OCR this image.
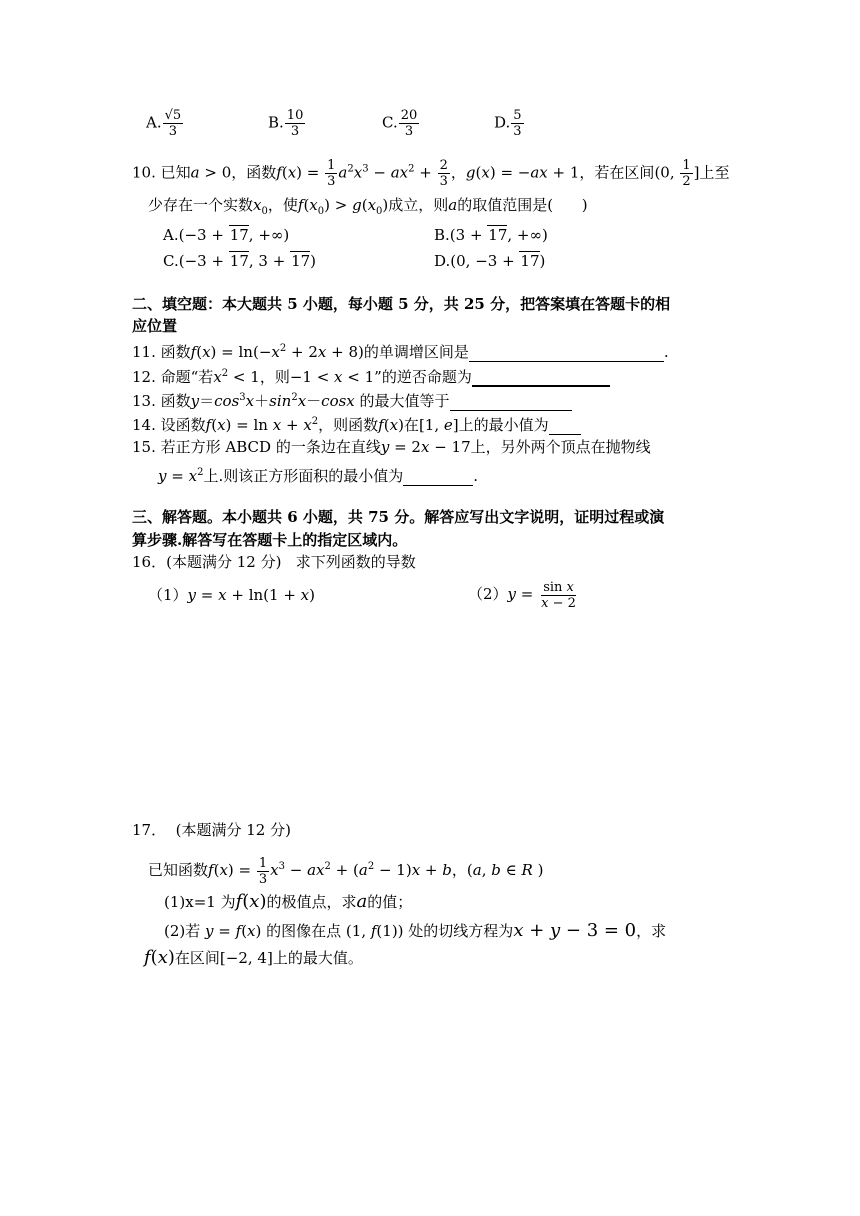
A. $\frac{√5}{3}$	B. $\frac{10}{3}$	C. $\frac{20}{3}$	D. $\frac{5}{3}$
10. 已知a > 0，函数$f(x) = \frac{1}{3} a^2x^3 - ax^2 + \frac{2}{3}$ ，g(x) = −ax + 1，若在区间(0, $\frac{1}{2}$ ]上至
少存在一个实数$x_0$，使$f(x_0) > g(x_0)$成立，则a的取值范围是( )
A.(−3 + 17, +∞)	B.(3 + 17, +∞)
C.(−3 + 17, 3 + 17)	D.(0, −3 + 17)
二、填空题：本大题共 5 小题，每小题 5 分，共 25 分，把答案填在答题卡的相
应位置
11. 函数$f(x) = \ln(-x^2 + 2x + 8)$的单调增区间是	.
12. 命题“若$x^2 < 1$，则−1 < x < 1”的逆否命题为
13. 函数$y=\cos^3x+\sin^2x-\cos x$ 的最大值等于
14. 设函数$f(x) = \ln x + x^2$，则函数f(x)在[1, e]上的最小值为
15. 若正方形 ABCD 的一条边在直线y = 2x − 17上，另外两个顶点在抛物线
$y = x^2$上.则该正方形面积的最小值为	.
三、解答题。本小题共 6 小题，共 75 分。解答应写出文字说明，证明过程或演
算步骤.解答写在答题卡上的指定区域内。
16．(本题满分 12 分) 求下列函数的导数
（1）y = x + ln(1 + x)	$(2)y = \frac{\text{sin x}}{x - 2}$
17． (本题满分 12 分)
已知函数$f(x) = \frac{1}{3} x^3 - ax^2 + (a^2 - 1)x + b$，(a, b ∈ R )
(1)x=1 为f(x)的极值点，求a的值；
(2)若 y = f(x) 的图像在点 (1, f(1)) 处的切线方程为x + y − 3 = 0，求
f(x)在区间[−2, 4]上的最大值。
